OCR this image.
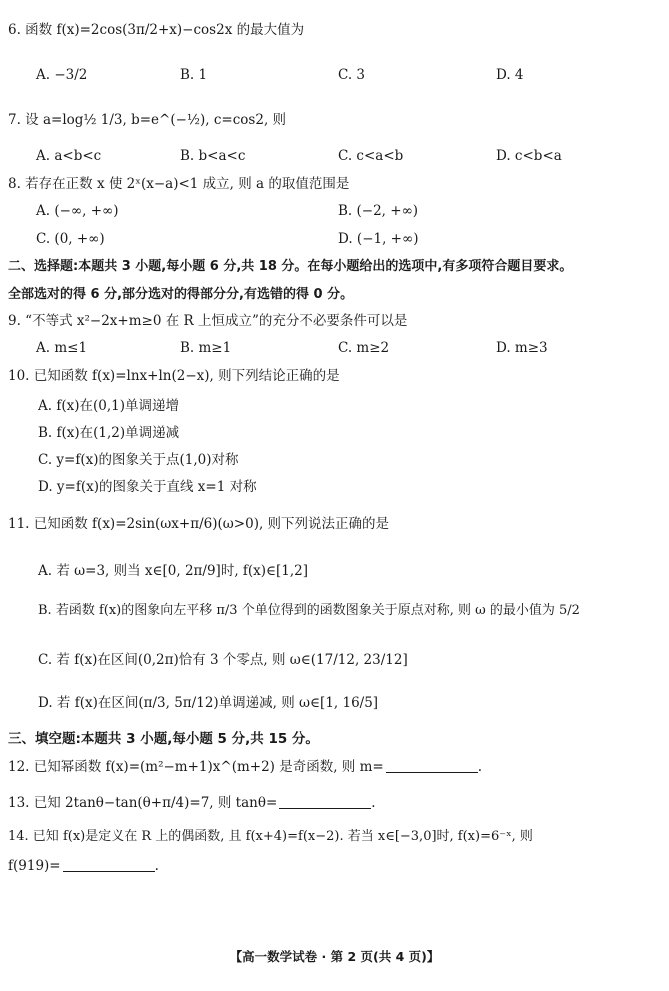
6. 函数 f(x)=2cos(3π/2+x)−cos2x 的最大值为
A. −3/2	B. 1	C. 3	D. 4
7. 设 a=log½ 1/3, b=e^(−½), c=cos2, 则
A. a<b<c	B. b<a<c	C. c<a<b	D. c<b<a
8. 若存在正数 x 使 2ˣ(x−a)<1 成立, 则 a 的取值范围是
A. (−∞, +∞)	B. (−2, +∞)
C. (0, +∞)	D. (−1, +∞)
二、选择题:本题共 3 小题,每小题 6 分,共 18 分。在每小题给出的选项中,有多项符合题目要求。
全部选对的得 6 分,部分选对的得部分分,有选错的得 0 分。
9. “不等式 x²−2x+m≥0 在 R 上恒成立”的充分不必要条件可以是
A. m≤1	B. m≥1	C. m≥2	D. m≥3
10. 已知函数 f(x)=lnx+ln(2−x), 则下列结论正确的是
A. f(x)在(0,1)单调递增
B. f(x)在(1,2)单调递减
C. y=f(x)的图象关于点(1,0)对称
D. y=f(x)的图象关于直线 x=1 对称
11. 已知函数 f(x)=2sin(ωx+π/6)(ω>0), 则下列说法正确的是
A. 若 ω=3, 则当 x∈[0, 2π/9]时, f(x)∈[1,2]
B. 若函数 f(x)的图象向左平移 π/3 个单位得到的函数图象关于原点对称, 则 ω 的最小值为 5/2
C. 若 f(x)在区间(0,2π)恰有 3 个零点, 则 ω∈(17/12, 23/12]
D. 若 f(x)在区间(π/3, 5π/12)单调递减, 则 ω∈[1, 16/5]
三、填空题:本题共 3 小题,每小题 5 分,共 15 分。
12. 已知幂函数 f(x)=(m²−m+1)x^(m+2) 是奇函数, 则 m=	.
13. 已知 2tanθ−tan(θ+π/4)=7, 则 tanθ=	.
14. 已知 f(x)是定义在 R 上的偶函数, 且 f(x+4)=f(x−2). 若当 x∈[−3,0]时, f(x)=6⁻ˣ, 则
f(919)=	.
【高一数学试卷 · 第 2 页(共 4 页)】
